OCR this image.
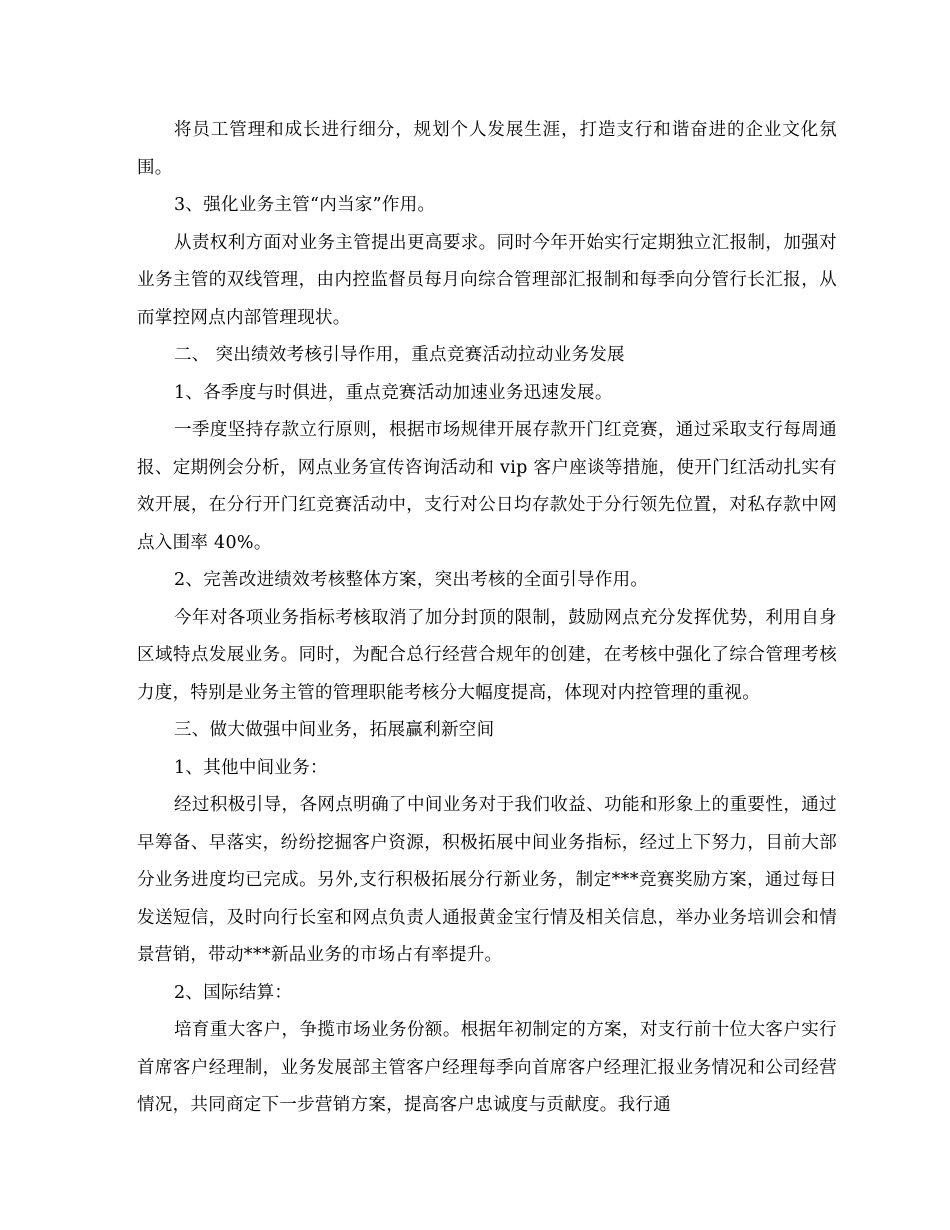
将员工管理和成长进行细分，规划个人发展生涯，打造支行和谐奋进的企业文化氛围。

3、强化业务主管“内当家”作用。

从责权利方面对业务主管提出更高要求。同时今年开始实行定期独立汇报制，加强对业务主管的双线管理，由内控监督员每月向综合管理部汇报制和每季向分管行长汇报，从而掌控网点内部管理现状。

二、 突出绩效考核引导作用，重点竞赛活动拉动业务发展

1、各季度与时俱进，重点竞赛活动加速业务迅速发展。

一季度坚持存款立行原则，根据市场规律开展存款开门红竞赛，通过采取支行每周通报、定期例会分析，网点业务宣传咨询活动和 vip 客户座谈等措施，使开门红活动扎实有效开展，在分行开门红竞赛活动中，支行对公日均存款处于分行领先位置，对私存款中网点入围率 40%。

2、完善改进绩效考核整体方案，突出考核的全面引导作用。

今年对各项业务指标考核取消了加分封顶的限制，鼓励网点充分发挥优势，利用自身区域特点发展业务。同时，为配合总行经营合规年的创建，在考核中强化了综合管理考核力度，特别是业务主管的管理职能考核分大幅度提高，体现对内控管理的重视。

三、做大做强中间业务，拓展赢利新空间

1、其他中间业务：

经过积极引导，各网点明确了中间业务对于我们收益、功能和形象上的重要性，通过早筹备、早落实，纷纷挖掘客户资源，积极拓展中间业务指标，经过上下努力，目前大部分业务进度均已完成。另外,支行积极拓展分行新业务，制定***竞赛奖励方案，通过每日发送短信，及时向行长室和网点负责人通报黄金宝行情及相关信息，举办业务培训会和情景营销，带动***新品业务的市场占有率提升。

2、国际结算：

培育重大客户，争揽市场业务份额。根据年初制定的方案，对支行前十位大客户实行首席客户经理制，业务发展部主管客户经理每季向首席客户经理汇报业务情况和公司经营情况，共同商定下一步营销方案，提高客户忠诚度与贡献度。我行通
